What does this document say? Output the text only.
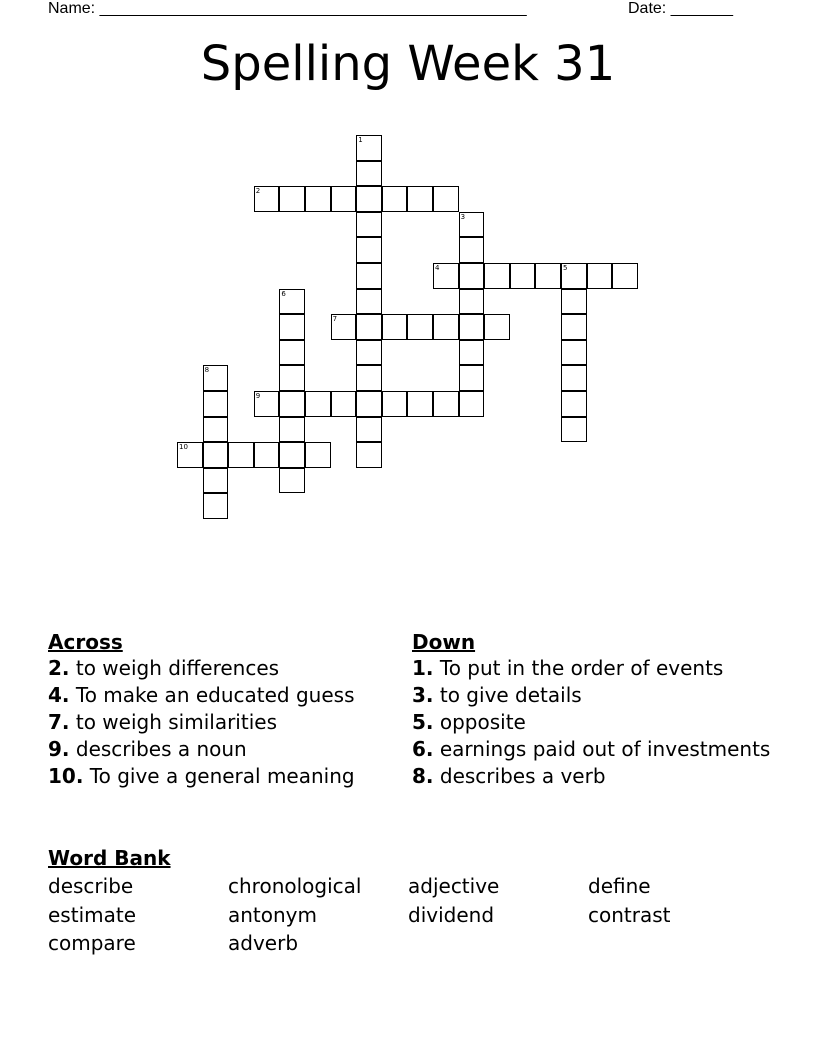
Name: ________________________________________________	Date: _______
Spelling Week 31
1
2
3
4	5
6
7
8
9
10
Across
2. to weigh differences
4. To make an educated guess
7. to weigh similarities
9. describes a noun
10. To give a general meaning
Down
1. To put in the order of events
3. to give details
5. opposite
6. earnings paid out of investments
8. describes a verb
Word Bank
describe	chronological	adjective	define
estimate	antonym	dividend	contrast
compare	adverb
